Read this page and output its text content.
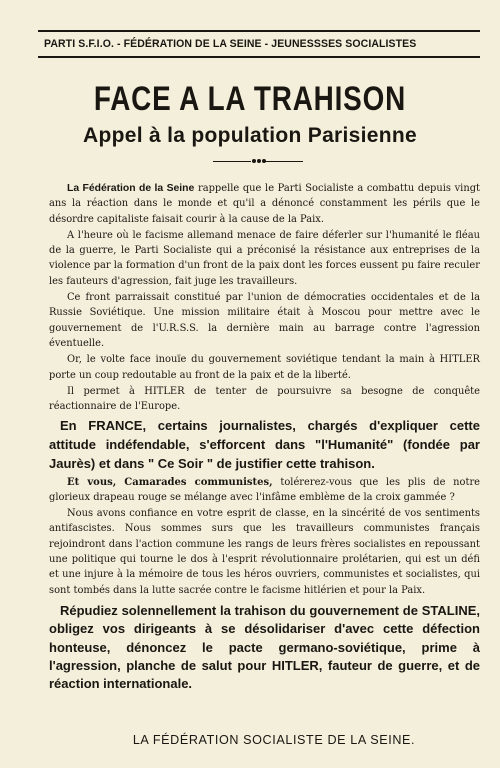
PARTI S.F.I.O. - FÉDÉRATION DE LA SEINE - JEUNESSSES SOCIALISTES
FACE A LA TRAHISON
Appel à la population Parisienne

La Fédération de la Seine rappelle que le Parti Socialiste a combattu depuis vingt ans la réaction dans le monde et qu'il a dénoncé constamment les périls que le désordre capitaliste faisait courir à la cause de la Paix.

A l'heure où le facisme allemand menace de faire déferler sur l'humanité le fléau de la guerre, le Parti Socialiste qui a préconisé la résistance aux entreprises de la violence par la formation d'un front de la paix dont les forces eussent pu faire reculer les fauteurs d'agression, fait juge les travailleurs.

Ce front parraissait constitué par l'union de démocraties occidentales et de la Russie Soviétique. Une mission militaire était à Moscou pour mettre avec le gouvernement de l'U.R.S.S. la dernière main au barrage contre l'agression éventuelle.

Or, le volte face inouïe du gouvernement soviétique tendant la main à HITLER porte un coup redoutable au front de la paix et de la liberté.

Il permet à HITLER de tenter de poursuivre sa besogne de conquête réactionnaire de l'Europe.

En FRANCE, certains journalistes, chargés d'expliquer cette attitude indéfendable, s'efforcent dans "l'Humanité" (fondée par Jaurès) et dans " Ce Soir " de justifier cette trahison.

Et vous, Camarades communistes, tolérerez-vous que les plis de notre glorieux drapeau rouge se mélange avec l'infâme emblème de la croix gammée ?

Nous avons confiance en votre esprit de classe, en la sincérité de vos sentiments antifascistes. Nous sommes surs que les travailleurs communistes français rejoindront dans l'action commune les rangs de leurs frères socialistes en repoussant une politique qui tourne le dos à l'esprit révolutionnaire prolétarien, qui est un défi et une injure à la mémoire de tous les héros ouvriers, communistes et socialistes, qui sont tombés dans la lutte sacrée contre le facisme hitlérien et pour la Paix.

Répudiez solennellement la trahison du gouvernement de STALINE, obligez vos dirigeants à se désolidariser d'avec cette défection honteuse, dénoncez le pacte germano-soviétique, prime à l'agression, planche de salut pour HITLER, fauteur de guerre, et de réaction internationale.

LA FÉDÉRATION SOCIALISTE DE LA SEINE.
